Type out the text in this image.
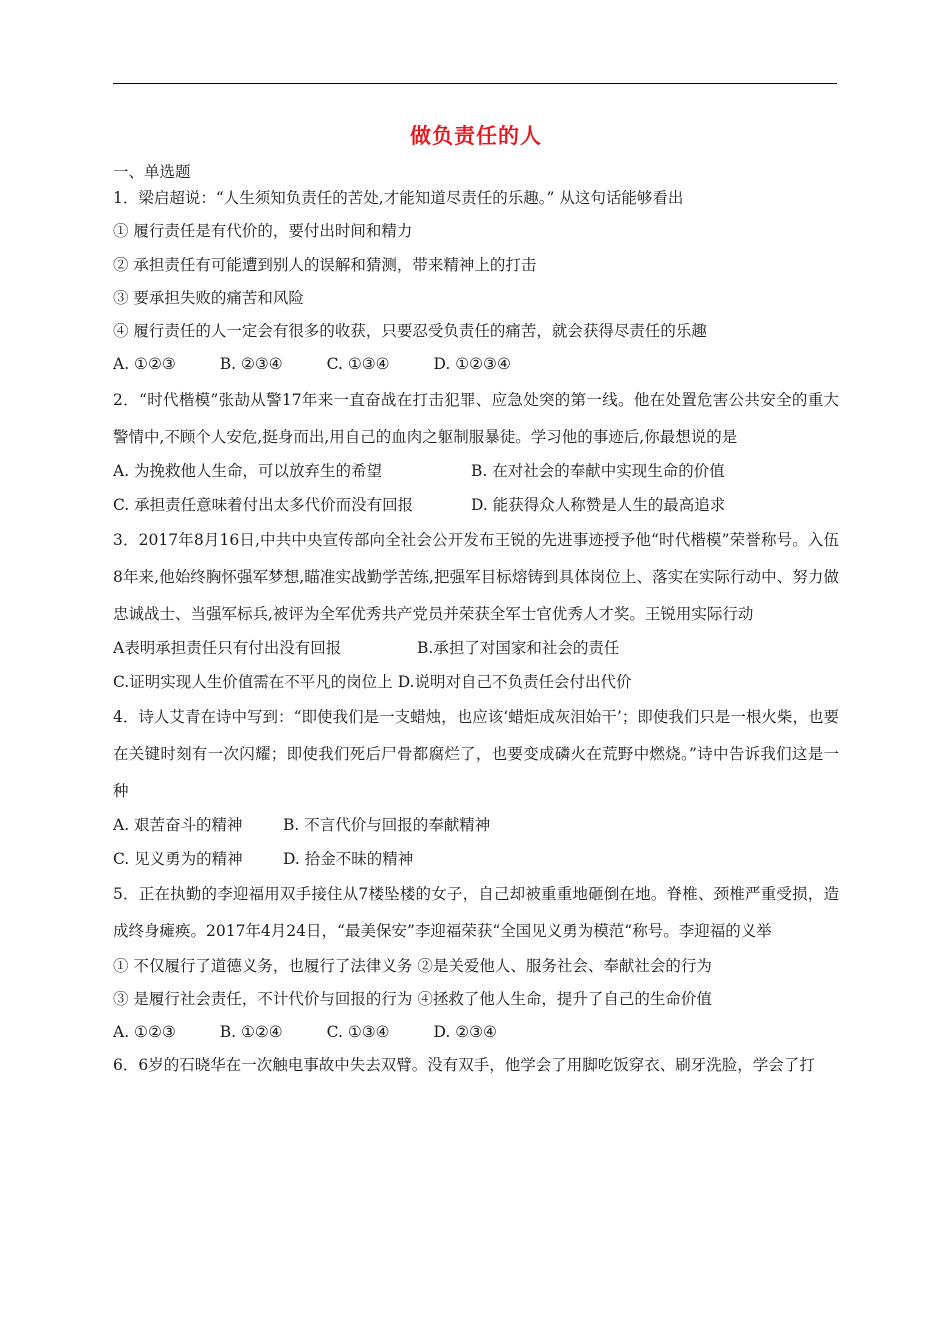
做负责任的人
一、单选题
1．梁启超说：“人生须知负责任的苦处,才能知道尽责任的乐趣。” 从这句话能够看出
① 履行责任是有代价的，要付出时间和精力
② 承担责任有可能遭到别人的误解和猜测，带来精神上的打击
③ 要承担失败的痛苦和风险
④ 履行责任的人一定会有很多的收获，只要忍受负责任的痛苦，就会获得尽责任的乐趣
A. ①②③	B. ②③④	C. ①③④	D. ①②③④
2．“时代楷模”张劼从警17年来一直奋战在打击犯罪、应急处突的第一线。他在处置危害公共安全的重大警情中,不顾个人安危,挺身而出,用自己的血肉之躯制服暴徒。学习他的事迹后,你最想说的是
A. 为挽救他人生命，可以放弃生的希望	B. 在对社会的奉献中实现生命的价值
C. 承担责任意味着付出太多代价而没有回报	D. 能获得众人称赞是人生的最高追求
3．2017年8月16日,中共中央宣传部向全社会公开发布王锐的先进事迹授予他“时代楷模”荣誉称号。入伍8年来,他始终胸怀强军梦想,瞄准实战勤学苦练,把强军目标熔铸到具体岗位上、落实在实际行动中、努力做忠诚战士、当强军标兵,被评为全军优秀共产党员并荣获全军士官优秀人才奖。王锐用实际行动
A表明承担责任只有付出没有回报	B.承担了对国家和社会的责任
C.证明实现人生价值需在不平凡的岗位上 D.说明对自己不负责任会付出代价
4．诗人艾青在诗中写到：“即使我们是一支蜡烛，也应该‘蜡炬成灰泪始干’；即使我们只是一根火柴，也要在关键时刻有一次闪耀；即使我们死后尸骨都腐烂了，也要变成磷火在荒野中燃烧。”诗中告诉我们这是一种
A. 艰苦奋斗的精神	B. 不言代价与回报的奉献精神
C. 见义勇为的精神	D. 拾金不昧的精神
5．正在执勤的李迎福用双手接住从7楼坠楼的女子，自己却被重重地砸倒在地。脊椎、颈椎严重受损，造成终身瘫痪。2017年4月24日，“最美保安”李迎福荣获“全国见义勇为模范“称号。李迎福的义举
① 不仅履行了道德义务，也履行了法律义务 ②是关爱他人、服务社会、奉献社会的行为
③ 是履行社会责任，不计代价与回报的行为 ④拯救了他人生命，提升了自己的生命价值
A. ①②③	B. ①②④	C. ①③④	D. ②③④
6．6岁的石晓华在一次触电事故中失去双臂。没有双手，他学会了用脚吃饭穿衣、刷牙洗脸，学会了打
